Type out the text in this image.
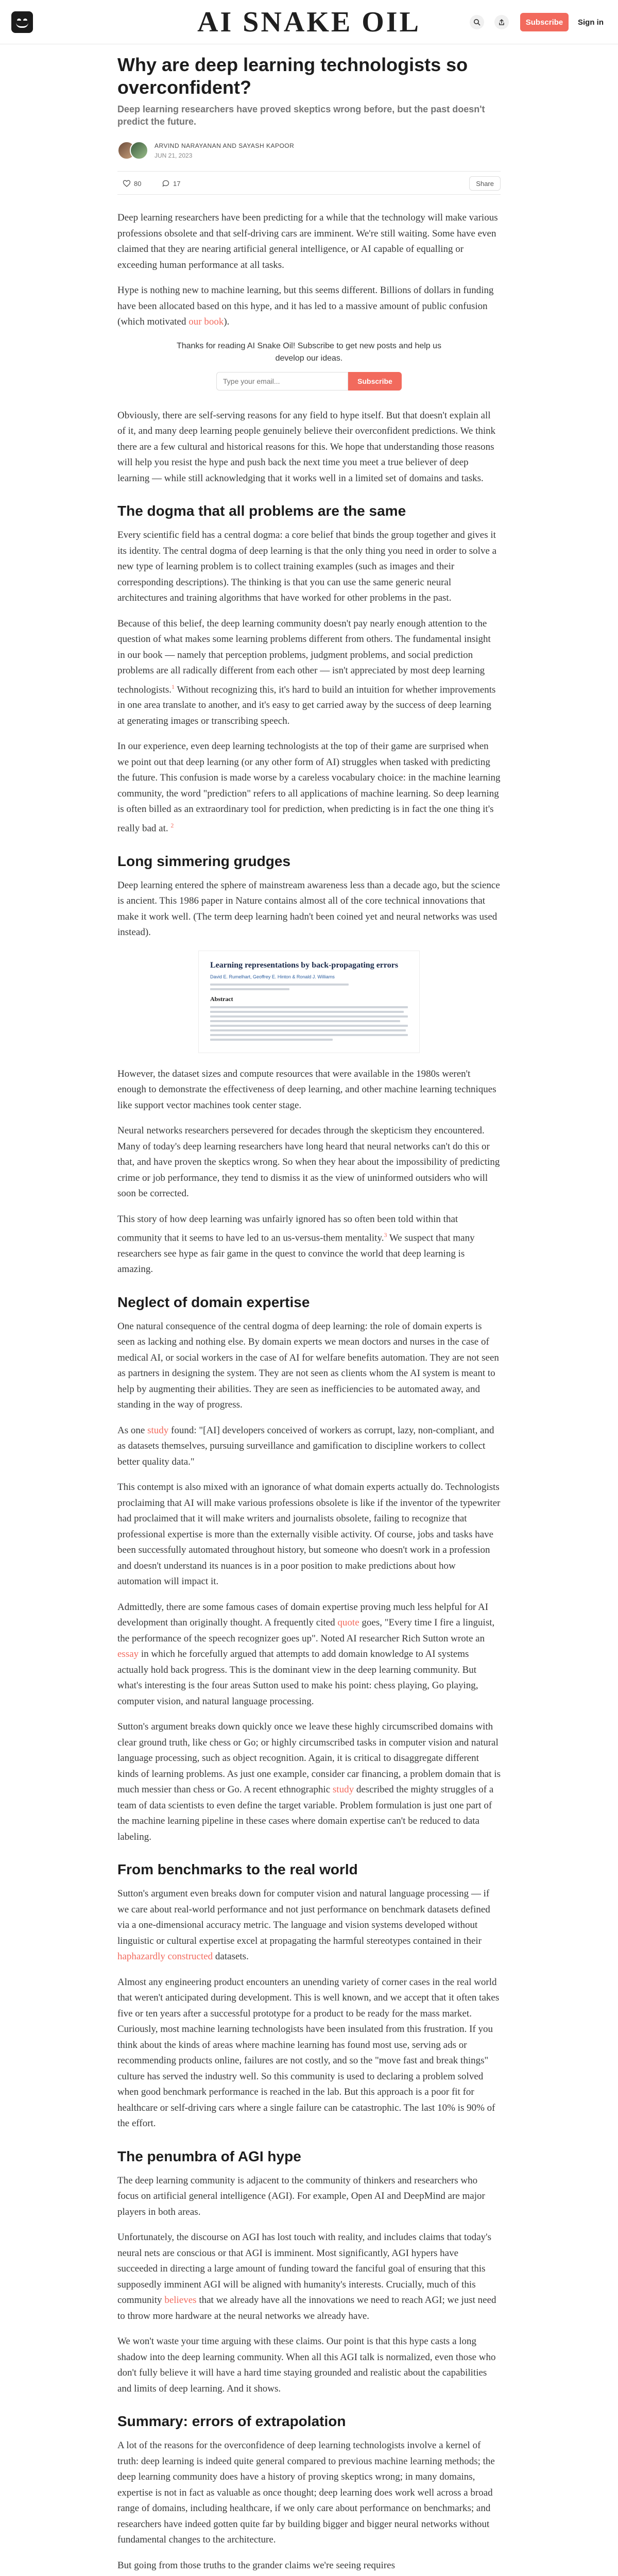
AI SNAKE OIL	Subscribe	Sign in
Why are deep learning technologists so overconfident?
Deep learning researchers have proved skeptics wrong before, but the past doesn't predict the future.
ARVIND NARAYANAN AND SAYASH KAPOOR
JUN 21, 2023
80	17	Share

Deep learning researchers have been predicting for a while that the technology will make various professions obsolete and that self-driving cars are imminent. We're still waiting. Some have even claimed that they are nearing artificial general intelligence, or AI capable of equalling or exceeding human performance at all tasks.

Hype is nothing new to machine learning, but this seems different. Billions of dollars in funding have been allocated based on this hype, and it has led to a massive amount of public confusion (which motivated our book).

Thanks for reading AI Snake Oil! Subscribe to get new posts and help us develop our ideas.
Type your email...
Subscribe

Obviously, there are self-serving reasons for any field to hype itself. But that doesn't explain all of it, and many deep learning people genuinely believe their overconfident predictions. We think there are a few cultural and historical reasons for this. We hope that understanding those reasons will help you resist the hype and push back the next time you meet a true believer of deep learning — while still acknowledging that it works well in a limited set of domains and tasks.

The dogma that all problems are the same

Every scientific field has a central dogma: a core belief that binds the group together and gives it its identity. The central dogma of deep learning is that the only thing you need in order to solve a new type of learning problem is to collect training examples (such as images and their corresponding descriptions). The thinking is that you can use the same generic neural architectures and training algorithms that have worked for other problems in the past.

Because of this belief, the deep learning community doesn't pay nearly enough attention to the question of what makes some learning problems different from others. The fundamental insight in our book — namely that perception problems, judgment problems, and social prediction problems are all radically different from each other — isn't appreciated by most deep learning technologists.$^1$ Without recognizing this, it's hard to build an intuition for whether improvements in one area translate to another, and it's easy to get carried away by the success of deep learning at generating images or transcribing speech.

In our experience, even deep learning technologists at the top of their game are surprised when we point out that deep learning (or any other form of AI) struggles when tasked with predicting the future. This confusion is made worse by a careless vocabulary choice: in the machine learning community, the word "prediction" refers to all applications of machine learning. So deep learning is often billed as an extraordinary tool for prediction, when predicting is in fact the one thing it's really bad at. $^2$

Long simmering grudges

Deep learning entered the sphere of mainstream awareness less than a decade ago, but the science is ancient. This 1986 paper in Nature contains almost all of the core technical innovations that make it work well. (The term deep learning hadn't been coined yet and neural networks was used instead).

Learning representations by back-propagating errors
David E. Rumelhart, Geoffrey E. Hinton & Ronald J. Williams
Abstract

However, the dataset sizes and compute resources that were available in the 1980s weren't enough to demonstrate the effectiveness of deep learning, and other machine learning techniques like support vector machines took center stage.

Neural networks researchers persevered for decades through the skepticism they encountered. Many of today's deep learning researchers have long heard that neural networks can't do this or that, and have proven the skeptics wrong. So when they hear about the impossibility of predicting crime or job performance, they tend to dismiss it as the view of uninformed outsiders who will soon be corrected.

This story of how deep learning was unfairly ignored has so often been told within that community that it seems to have led to an us-versus-them mentality.$^3$ We suspect that many researchers see hype as fair game in the quest to convince the world that deep learning is amazing.

Neglect of domain expertise

One natural consequence of the central dogma of deep learning: the role of domain experts is seen as lacking and nothing else. By domain experts we mean doctors and nurses in the case of medical AI, or social workers in the case of AI for welfare benefits automation. They are not seen as partners in designing the system. They are not seen as clients whom the AI system is meant to help by augmenting their abilities. They are seen as inefficiencies to be automated away, and standing in the way of progress.

As one study found: "[AI] developers conceived of workers as corrupt, lazy, non-compliant, and as datasets themselves, pursuing surveillance and gamification to discipline workers to collect better quality data."

This contempt is also mixed with an ignorance of what domain experts actually do. Technologists proclaiming that AI will make various professions obsolete is like if the inventor of the typewriter had proclaimed that it will make writers and journalists obsolete, failing to recognize that professional expertise is more than the externally visible activity. Of course, jobs and tasks have been successfully automated throughout history, but someone who doesn't work in a profession and doesn't understand its nuances is in a poor position to make predictions about how automation will impact it.

Admittedly, there are some famous cases of domain expertise proving much less helpful for AI development than originally thought. A frequently cited quote goes, "Every time I fire a linguist, the performance of the speech recognizer goes up". Noted AI researcher Rich Sutton wrote an essay in which he forcefully argued that attempts to add domain knowledge to AI systems actually hold back progress. This is the dominant view in the deep learning community. But what's interesting is the four areas Sutton used to make his point: chess playing, Go playing, computer vision, and natural language processing.

Sutton's argument breaks down quickly once we leave these highly circumscribed domains with clear ground truth, like chess or Go; or highly circumscribed tasks in computer vision and natural language processing, such as object recognition. Again, it is critical to disaggregate different kinds of learning problems. As just one example, consider car financing, a problem domain that is much messier than chess or Go. A recent ethnographic study described the mighty struggles of a team of data scientists to even define the target variable. Problem formulation is just one part of the machine learning pipeline in these cases where domain expertise can't be reduced to data labeling.

From benchmarks to the real world

Sutton's argument even breaks down for computer vision and natural language processing — if we care about real-world performance and not just performance on benchmark datasets defined via a one-dimensional accuracy metric. The language and vision systems developed without linguistic or cultural expertise excel at propagating the harmful stereotypes contained in their haphazardly constructed datasets.

Almost any engineering product encounters an unending variety of corner cases in the real world that weren't anticipated during development. This is well known, and we accept that it often takes five or ten years after a successful prototype for a product to be ready for the mass market. Curiously, most machine learning technologists have been insulated from this frustration. If you think about the kinds of areas where machine learning has found most use, serving ads or recommending products online, failures are not costly, and so the "move fast and break things" culture has served the industry well. So this community is used to declaring a problem solved when good benchmark performance is reached in the lab. But this approach is a poor fit for healthcare or self-driving cars where a single failure can be catastrophic. The last 10% is 90% of the effort.

The penumbra of AGI hype

The deep learning community is adjacent to the community of thinkers and researchers who focus on artificial general intelligence (AGI). For example, Open AI and DeepMind are major players in both areas.

Unfortunately, the discourse on AGI has lost touch with reality, and includes claims that today's neural nets are conscious or that AGI is imminent. Most significantly, AGI hypers have succeeded in directing a large amount of funding toward the fanciful goal of ensuring that this supposedly imminent AGI will be aligned with humanity's interests. Crucially, much of this community believes that we already have all the innovations we need to reach AGI; we just need to throw more hardware at the neural networks we already have.

We won't waste your time arguing with these claims. Our point is that this hype casts a long shadow into the deep learning community. When all this AGI talk is normalized, even those who don't fully believe it will have a hard time staying grounded and realistic about the capabilities and limits of deep learning. And it shows.

Summary: errors of extrapolation

A lot of the reasons for the overconfidence of deep learning technologists involve a kernel of truth: deep learning is indeed quite general compared to previous machine learning methods; the deep learning community does have a history of proving skeptics wrong; in many domains, expertise is not in fact as valuable as once thought; deep learning does work well across a broad range of domains, including healthcare, if we only care about performance on benchmarks; and researchers have indeed gotten quite far by building bigger and bigger neural networks without fundamental changes to the architecture.

But going from those truths to the grander claims we're seeing requires
